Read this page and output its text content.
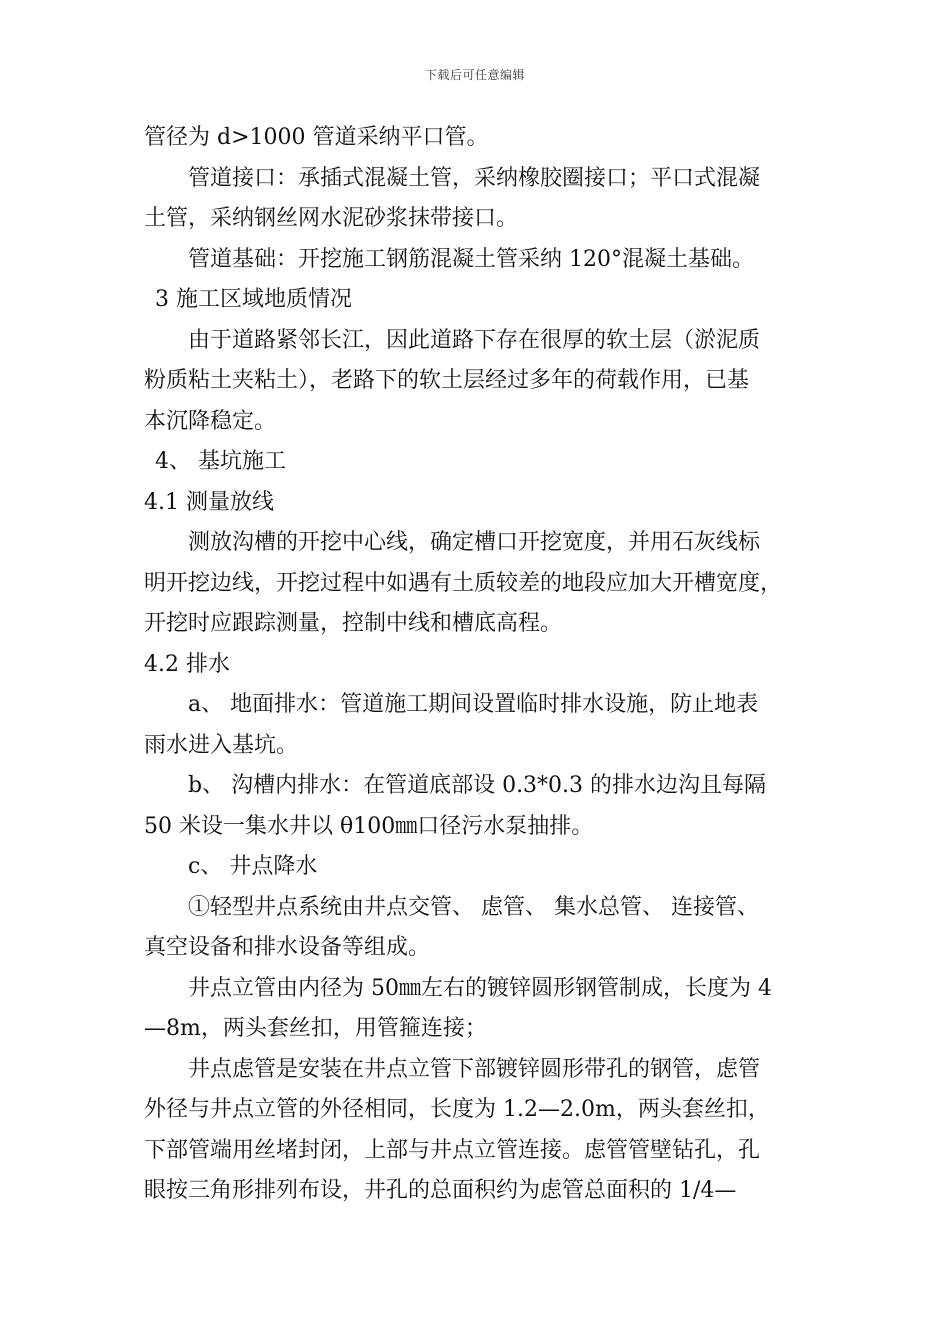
下载后可任意编辑
管径为 d>1000 管道采纳平口管。
管道接口：承插式混凝土管，采纳橡胶圈接口；平口式混凝
土管，采纳钢丝网水泥砂浆抹带接口。
管道基础：开挖施工钢筋混凝土管采纳 120°混凝土基础。
3 施工区域地质情况
由于道路紧邻长江，因此道路下存在很厚的软土层（淤泥质
粉质粘土夹粘土），老路下的软土层经过多年的荷载作用，已基
本沉降稳定。
4、 基坑施工
4.1 测量放线
测放沟槽的开挖中心线，确定槽口开挖宽度，并用石灰线标
明开挖边线，开挖过程中如遇有土质较差的地段应加大开槽宽度，
开挖时应跟踪测量，控制中线和槽底高程。
4.2 排水
a、 地面排水：管道施工期间设置临时排水设施，防止地表
雨水进入基坑。
b、 沟槽内排水：在管道底部设 0.3*0.3 的排水边沟且每隔
50 米设一集水井以 θ100㎜口径污水泵抽排。
c、 井点降水
①轻型井点系统由井点交管、 虑管、 集水总管、 连接管、
真空设备和排水设备等组成。
井点立管由内径为 50㎜左右的镀锌圆形钢管制成，长度为 4
—8m，两头套丝扣，用管箍连接；
井点虑管是安装在井点立管下部镀锌圆形带孔的钢管，虑管
外径与井点立管的外径相同，长度为 1.2—2.0m，两头套丝扣，
下部管端用丝堵封闭，上部与井点立管连接。虑管管壁钻孔，孔
眼按三角形排列布设，井孔的总面积约为虑管总面积的 1/4—
